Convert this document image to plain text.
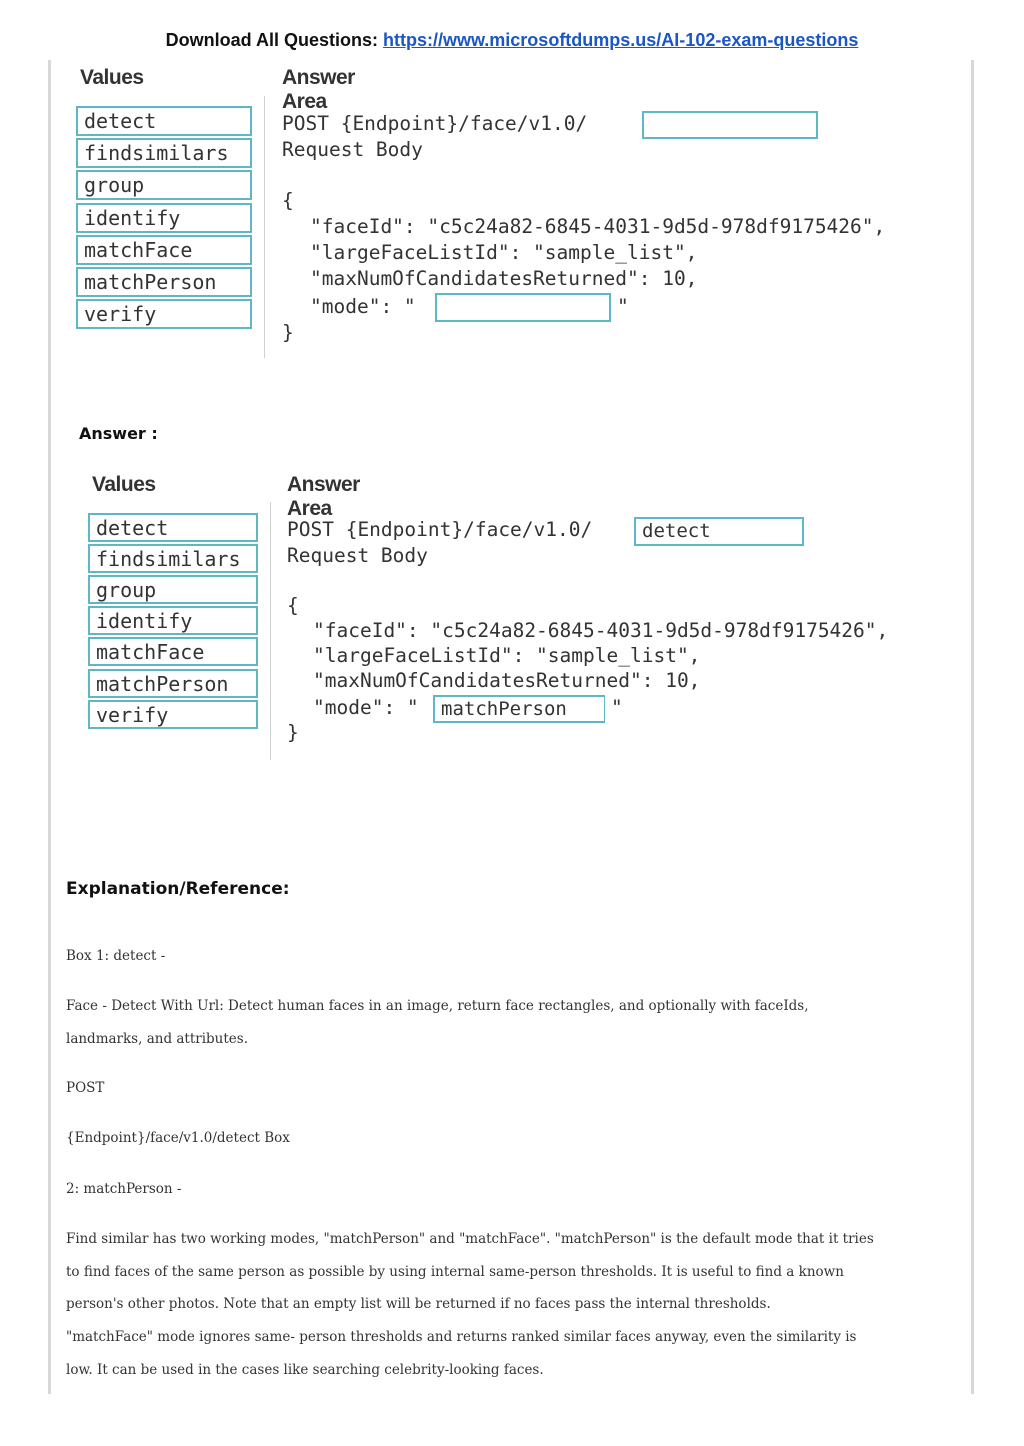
Download All Questions: https://www.microsoftdumps.us/AI-102-exam-questions
Values	Answer Area
detect
findsimilars
group
identify
matchFace
matchPerson
verify
POST {Endpoint}/face/v1.0/
Request Body
{
"faceId": "c5c24a82-6845-4031-9d5d-978df9175426",
"largeFaceListId": "sample_list",
"maxNumOfCandidatesReturned": 10,
"mode": "	"
}
Answer :
Values	Answer Area
detect
findsimilars
group
identify
matchFace
matchPerson
verify
POST {Endpoint}/face/v1.0/	detect
Request Body
{
"faceId": "c5c24a82-6845-4031-9d5d-978df9175426",
"largeFaceListId": "sample_list",
"maxNumOfCandidatesReturned": 10,
"mode": "	matchPerson	"
}
Explanation/Reference:
Box 1: detect -
Face - Detect With Url: Detect human faces in an image, return face rectangles, and optionally with faceIds,
landmarks, and attributes.
POST
{Endpoint}/face/v1.0/detect Box
2: matchPerson -
Find similar has two working modes, "matchPerson" and "matchFace". "matchPerson" is the default mode that it tries
to find faces of the same person as possible by using internal same-person thresholds. It is useful to find a known
person's other photos. Note that an empty list will be returned if no faces pass the internal thresholds.
"matchFace" mode ignores same- person thresholds and returns ranked similar faces anyway, even the similarity is
low. It can be used in the cases like searching celebrity-looking faces.
